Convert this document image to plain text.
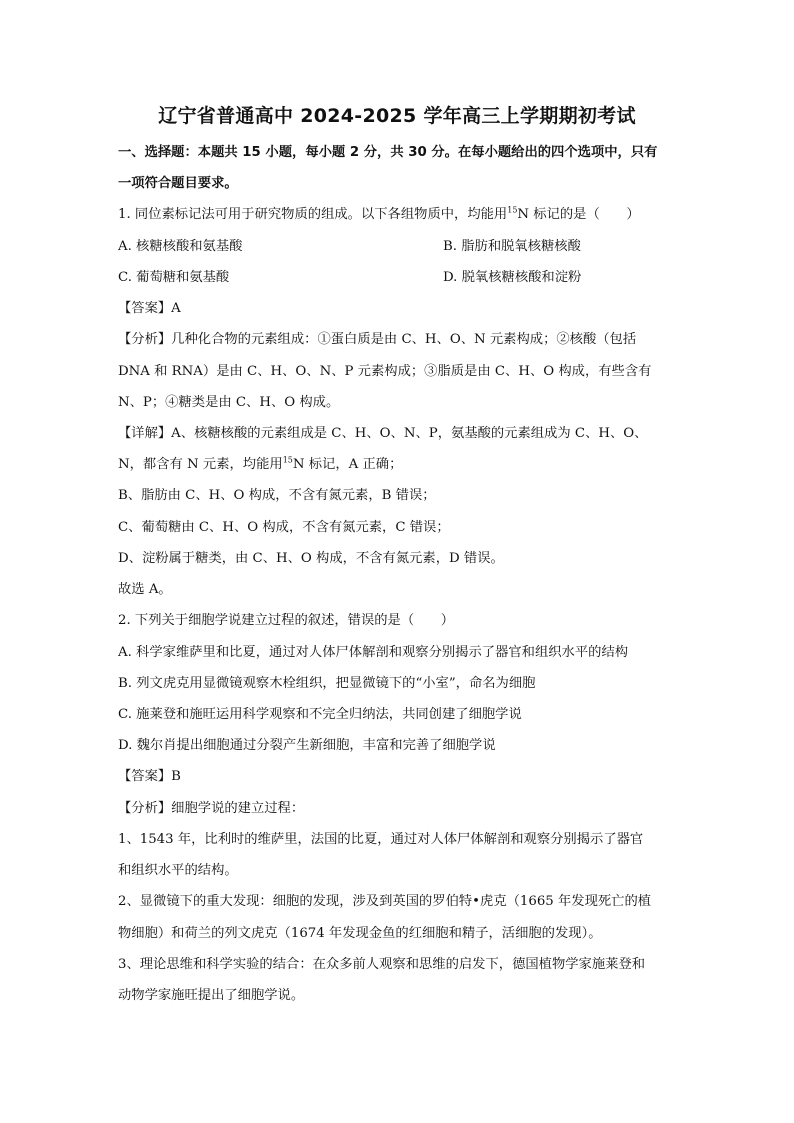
辽宁省普通高中 2024-2025 学年高三上学期期初考试
一、选择题：本题共 15 小题，每小题 2 分，共 30 分。在每小题给出的四个选项中，只有
一项符合题目要求。
1. 同位素标记法可用于研究物质的组成。以下各组物质中，均能用$^{15}$N 标记的是（　　）
A. 核糖核酸和氨基酸	B. 脂肪和脱氧核糖核酸
C. 葡萄糖和氨基酸	D. 脱氧核糖核酸和淀粉
【答案】A
【分析】几种化合物的元素组成：①蛋白质是由 C、H、O、N 元素构成；②核酸（包括
DNA 和 RNA）是由 C、H、O、N、P 元素构成；③脂质是由 C、H、O 构成，有些含有
N、P；④糖类是由 C、H、O 构成。
【详解】A、核糖核酸的元素组成是 C、H、O、N、P，氨基酸的元素组成为 C、H、O、
N，都含有 N 元素，均能用$^{15}$N 标记，A 正确；
B、脂肪由 C、H、O 构成，不含有氮元素，B 错误；
C、葡萄糖由 C、H、O 构成，不含有氮元素，C 错误；
D、淀粉属于糖类，由 C、H、O 构成，不含有氮元素，D 错误。
故选 A。
2. 下列关于细胞学说建立过程的叙述，错误的是（　　）
A. 科学家维萨里和比夏，通过对人体尸体解剖和观察分别揭示了器官和组织水平的结构
B. 列文虎克用显微镜观察木栓组织，把显微镜下的“小室”，命名为细胞
C. 施莱登和施旺运用科学观察和不完全归纳法，共同创建了细胞学说
D. 魏尔肖提出细胞通过分裂产生新细胞，丰富和完善了细胞学说
【答案】B
【分析】细胞学说的建立过程：
1、1543 年，比利时的维萨里，法国的比夏，通过对人体尸体解剖和观察分别揭示了器官
和组织水平的结构。
2、显微镜下的重大发现：细胞的发现，涉及到英国的罗伯特•虎克（1665 年发现死亡的植
物细胞）和荷兰的列文虎克（1674 年发现金鱼的红细胞和精子，活细胞的发现）。
3、理论思维和科学实验的结合：在众多前人观察和思维的启发下，德国植物学家施莱登和
动物学家施旺提出了细胞学说。
